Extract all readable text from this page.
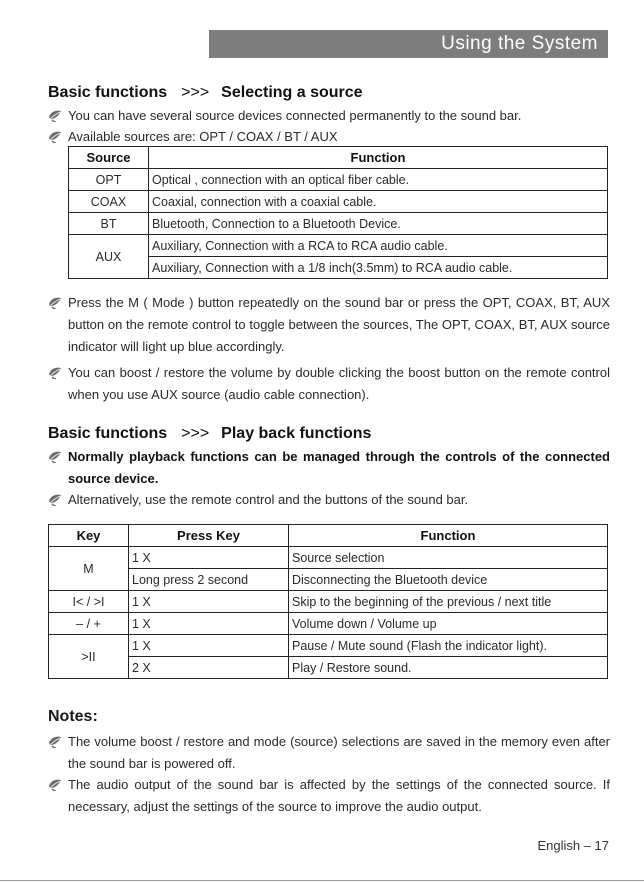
Using the System
Basic functions >>> Selecting a source
You can have several source devices connected permanently to the sound bar.
Available sources are: OPT / COAX / BT / AUX
Source	Function
OPT	Optical , connection with an optical fiber cable.
COAX	Coaxial, connection with a coaxial cable.
BT	Bluetooth, Connection to a Bluetooth Device.
AUX	Auxiliary, Connection with a RCA to RCA audio cable.
	Auxiliary, Connection with a 1/8 inch(3.5mm) to RCA audio cable.
Press the M ( Mode ) button repeatedly on the sound bar or press the OPT, COAX, BT, AUX button on the remote control to toggle between the sources, The OPT, COAX, BT, AUX source indicator will light up blue accordingly.
You can boost / restore the volume by double clicking the boost button on the remote control when you use AUX source (audio cable connection).
Basic functions >>> Play back functions
Normally playback functions can be managed through the controls of the connected source device.
Alternatively, use the remote control and the buttons of the sound bar.
Key	Press Key	Function
M	1 X	Source selection
	Long press 2 second	Disconnecting the Bluetooth device
I< / >I	1 X	Skip to the beginning of the previous / next title
– / +	1 X	Volume down / Volume up
>II	1 X	Pause / Mute sound (Flash the indicator light).
	2 X	Play / Restore sound.
Notes:
The volume boost / restore and mode (source) selections are saved in the memory even after the sound bar is powered off.
The audio output of the sound bar is affected by the settings of the connected source. If necessary, adjust the settings of the source to improve the audio output.
English – 17
